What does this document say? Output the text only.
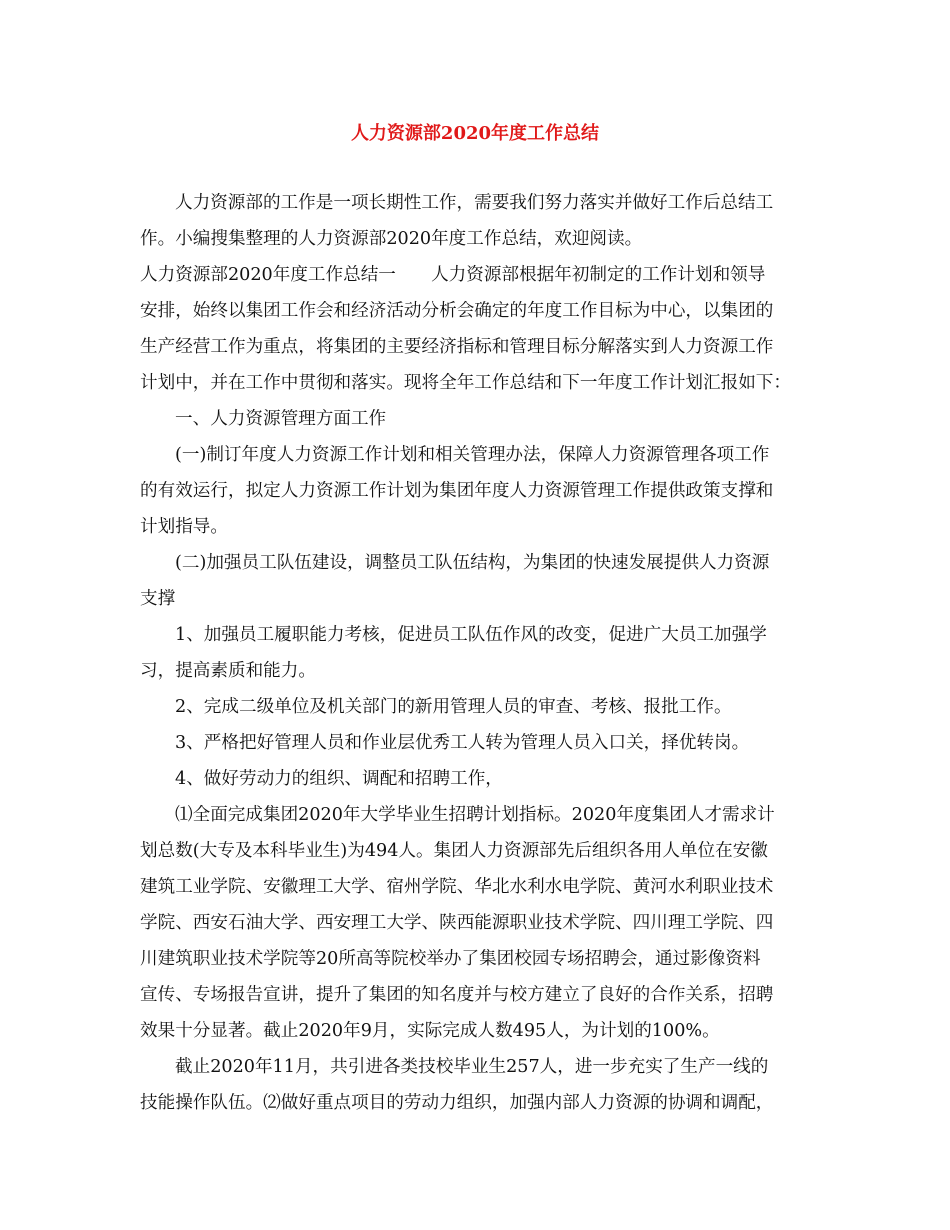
人力资源部2020年度工作总结
人力资源部的工作是一项长期性工作，需要我们努力落实并做好工作后总结工
作。小编搜集整理的人力资源部2020年度工作总结，欢迎阅读。
人力资源部2020年度工作总结一　　人力资源部根据年初制定的工作计划和领导
安排，始终以集团工作会和经济活动分析会确定的年度工作目标为中心，以集团的
生产经营工作为重点，将集团的主要经济指标和管理目标分解落实到人力资源工作
计划中，并在工作中贯彻和落实。现将全年工作总结和下一年度工作计划汇报如下：
一、人力资源管理方面工作
(一)制订年度人力资源工作计划和相关管理办法，保障人力资源管理各项工作
的有效运行，拟定人力资源工作计划为集团年度人力资源管理工作提供政策支撑和
计划指导。
(二)加强员工队伍建设，调整员工队伍结构，为集团的快速发展提供人力资源
支撑
1、加强员工履职能力考核，促进员工队伍作风的改变，促进广大员工加强学
习，提高素质和能力。
2、完成二级单位及机关部门的新用管理人员的审查、考核、报批工作。
3、严格把好管理人员和作业层优秀工人转为管理人员入口关，择优转岗。
4、做好劳动力的组织、调配和招聘工作，
⑴全面完成集团2020年大学毕业生招聘计划指标。2020年度集团人才需求计
划总数(大专及本科毕业生)为494人。集团人力资源部先后组织各用人单位在安徽
建筑工业学院、安徽理工大学、宿州学院、华北水利水电学院、黄河水利职业技术
学院、西安石油大学、西安理工大学、陕西能源职业技术学院、四川理工学院、四
川建筑职业技术学院等20所高等院校举办了集团校园专场招聘会，通过影像资料
宣传、专场报告宣讲，提升了集团的知名度并与校方建立了良好的合作关系，招聘
效果十分显著。截止2020年9月，实际完成人数495人，为计划的100%。
截止2020年11月，共引进各类技校毕业生257人，进一步充实了生产一线的
技能操作队伍。⑵做好重点项目的劳动力组织，加强内部人力资源的协调和调配，
